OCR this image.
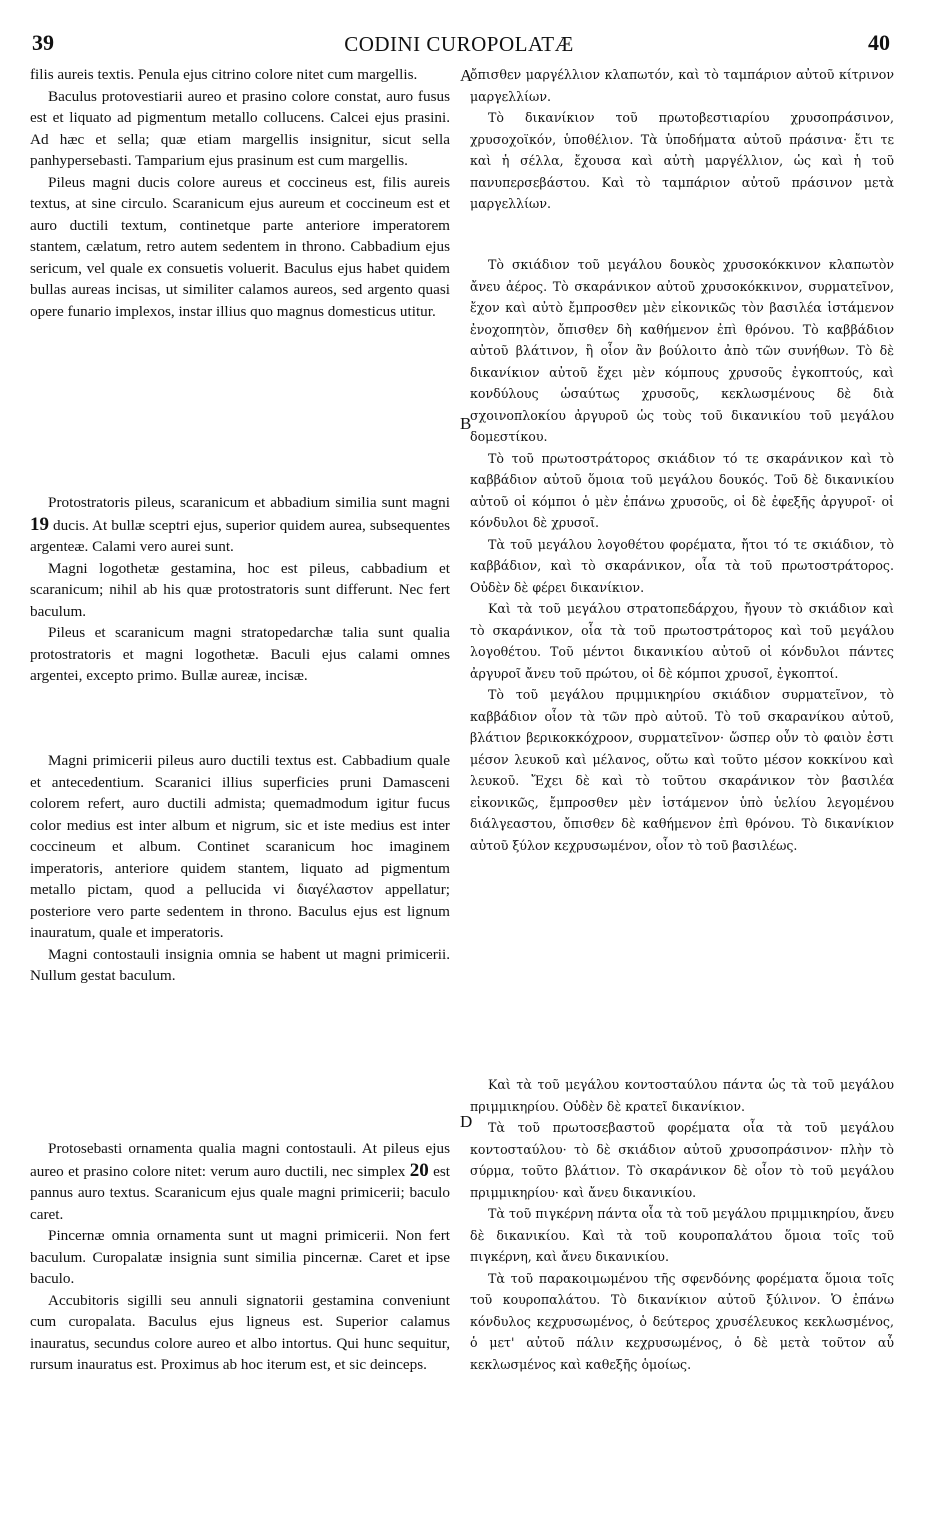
39	CODINI CUROPOLATÆ	40
A
B
D

filis aureis textis. Penula ejus citrino colore nitet cum margellis.

Baculus protovestiarii aureo et prasino colore constat, auro fusus est et liquato ad pigmentum metallo collucens. Calcei ejus prasini. Ad hæc et sella; quæ etiam margellis insignitur, sicut sella panhypersebasti. Tamparium ejus prasinum est cum margellis.

Pileus magni ducis colore aureus et coccineus est, filis aureis textus, at sine circulo. Scaranicum ejus aureum et coccineum est et auro ductili textum, continetque parte anteriore imperatorem stantem, cælatum, retro autem sedentem in throno. Cabbadium ejus sericum, vel quale ex consuetis voluerit. Baculus ejus habet quidem bullas aureas incisas, ut similiter calamos aureos, sed argento quasi opere funario implexos, instar illius quo magnus domesticus utitur.

Protostratoris pileus, scaranicum et abbadium similia sunt magni 19 ducis. At bullæ sceptri ejus, superior quidem aurea, subsequentes argenteæ. Calami vero aurei sunt.

Magni logothetæ gestamina, hoc est pileus, cabbadium et scaranicum; nihil ab his quæ protostratoris sunt differunt. Nec fert baculum.

Pileus et scaranicum magni stratopedarchæ talia sunt qualia protostratoris et magni logothetæ. Baculi ejus calami omnes argentei, excepto primo. Bullæ aureæ, incisæ.

Magni primicerii pileus auro ductili textus est. Cabbadium quale et antecedentium. Scaranici illius superficies pruni Damasceni colorem refert, auro ductili admista; quemadmodum igitur fucus color medius est inter album et nigrum, sic et iste medius est inter coccineum et album. Continet scaranicum hoc imaginem imperatoris, anteriore quidem stantem, liquato ad pigmentum metallo pictam, quod a pellucida vi διαγέλαστον appellatur; posteriore vero parte sedentem in throno. Baculus ejus est lignum inauratum, quale et imperatoris.

Magni contostauli insignia omnia se habent ut magni primicerii. Nullum gestat baculum.

Protosebasti ornamenta qualia magni contostauli. At pileus ejus aureo et prasino colore nitet: verum auro ductili, nec simplex 20 est pannus auro textus. Scaranicum ejus quale magni primicerii; baculo caret.

Pincernæ omnia ornamenta sunt ut magni primicerii. Non fert baculum. Curopalatæ insignia sunt similia pincernæ. Caret et ipse baculo.

Accubitoris sigilli seu annuli signatorii gestamina conveniunt cum curopalata. Baculus ejus ligneus est. Superior calamus inauratus, secundus colore aureo et albo intortus. Qui hunc sequitur, rursum inauratus est. Proximus ab hoc iterum est, et sic deinceps.

ὄπισθεν μαργέλλιον κλαπωτόν, καὶ τὸ ταμπάριον αὐτοῦ κίτρινον μαργελλίων.

Τὸ δικανίκιον τοῦ πρωτοβεστιαρίου χρυσοπράσινον, χρυσοχοϊκόν, ὑποθέλιον. Τὰ ὑποδήματα αὐτοῦ πράσινα· ἔτι τε καὶ ἡ σέλλα, ἔχουσα καὶ αὐτὴ μαργέλλιον, ὡς καὶ ἡ τοῦ πανυπερσεβάστου. Καὶ τὸ ταμπάριον αὐτοῦ πράσινον μετὰ μαργελλίων.

Τὸ σκιάδιον τοῦ μεγάλου δουκὸς χρυσοκόκκινον κλαπωτὸν ἄνευ ἀέρος. Τὸ σκαράνικον αὐτοῦ χρυσοκόκκινον, συρματεῖνον, ἔχον καὶ αὐτὸ ἔμπροσθεν μὲν εἰκονικῶς τὸν βασιλέα ἱστάμενον ἐνοχοπητὸν, ὄπισθεν δὴ καθήμενον ἐπὶ θρόνου. Τὸ καββάδιον αὐτοῦ βλάτινον, ἢ οἷον ἂν βούλοιτο ἀπὸ τῶν συνήθων. Τὸ δὲ δικανίκιον αὐτοῦ ἔχει μὲν κόμπους χρυσοῦς ἐγκοπτούς, καὶ κονδύλους ὡσαύτως χρυσοῦς, κεκλωσμένους δὲ διὰ σχοινοπλοκίου ἀργυροῦ ὡς τοὺς τοῦ δικανικίου τοῦ μεγάλου δομεστίκου.

Τὸ τοῦ πρωτοστράτορος σκιάδιον τό τε σκαράνικον καὶ τὸ καββάδιον αὐτοῦ ὅμοια τοῦ μεγάλου δουκός. Τοῦ δὲ δικανικίου αὐτοῦ οἱ κόμποι ὁ μὲν ἐπάνω χρυσοῦς, οἱ δὲ ἐφεξῆς ἀργυροῖ· οἱ κόνδυλοι δὲ χρυσοῖ.

Τὰ τοῦ μεγάλου λογοθέτου φορέματα, ἤτοι τό τε σκιάδιον, τὸ καββάδιον, καὶ τὸ σκαράνικον, οἷα τὰ τοῦ πρωτοστράτορος. Οὐδὲν δὲ φέρει δικανίκιον.

Καὶ τὰ τοῦ μεγάλου στρατοπεδάρχου, ἤγουν τὸ σκιάδιον καὶ τὸ σκαράνικον, οἷα τὰ τοῦ πρωτοστράτορος καὶ τοῦ μεγάλου λογοθέτου. Τοῦ μέντοι δικανικίου αὐτοῦ οἱ κόνδυλοι πάντες ἀργυροῖ ἄνευ τοῦ πρώτου, οἱ δὲ κόμποι χρυσοῖ, ἐγκοπτοί.

Τὸ τοῦ μεγάλου πριμμικηρίου σκιάδιον συρματεῖνον, τὸ καββάδιον οἷον τὰ τῶν πρὸ αὐτοῦ. Τὸ τοῦ σκαρανίκου αὐτοῦ, βλάτιον βερικοκκόχροον, συρματεῖνον· ὥσπερ οὖν τὸ φαιὸν ἐστι μέσον λευκοῦ καὶ μέλανος, οὕτω καὶ τοῦτο μέσον κοκκίνου καὶ λευκοῦ. Ἔχει δὲ καὶ τὸ τοῦτου σκαράνικον τὸν βασιλέα εἰκονικῶς, ἔμπροσθεν μὲν ἱστάμενον ὑπὸ ὑελίου λεγομένου διάλγεαστου, ὄπισθεν δὲ καθήμενον ἐπὶ θρόνου. Τὸ δικανίκιον αὐτοῦ ξύλον κεχρυσωμένον, οἷον τὸ τοῦ βασιλέως.

Καὶ τὰ τοῦ μεγάλου κοντοσταύλου πάντα ὡς τὰ τοῦ μεγάλου πριμμικηρίου. Οὐδὲν δὲ κρατεῖ δικανίκιον.

Τὰ τοῦ πρωτοσεβαστοῦ φορέματα οἷα τὰ τοῦ μεγάλου κοντοσταύλου· τὸ δὲ σκιάδιον αὐτοῦ χρυσοπράσινον· πλὴν τὸ σύρμα, τοῦτο βλάτιον. Τὸ σκαράνικον δὲ οἷον τὸ τοῦ μεγάλου πριμμικηρίου· καὶ ἄνευ δικανικίου.

Τὰ τοῦ πιγκέρνη πάντα οἷα τὰ τοῦ μεγάλου πριμμικηρίου, ἄνευ δὲ δικανικίου. Καὶ τὰ τοῦ κουροπαλάτου ὅμοια τοῖς τοῦ πιγκέρνη, καὶ ἄνευ δικανικίου.

Τὰ τοῦ παρακοιμωμένου τῆς σφενδόνης φορέματα ὅμοια τοῖς τοῦ κουροπαλάτου. Τὸ δικανίκιον αὐτοῦ ξύλινον. Ὁ ἐπάνω κόνδυλος κεχρυσωμένος, ὁ δεύτερος χρυσέλευκος κεκλωσμένος, ὁ μετ' αὐτοῦ πάλιν κεχρυσωμένος, ὁ δὲ μετὰ τοῦτον αὖ κεκλωσμένος καὶ καθεξῆς ὁμοίως.
